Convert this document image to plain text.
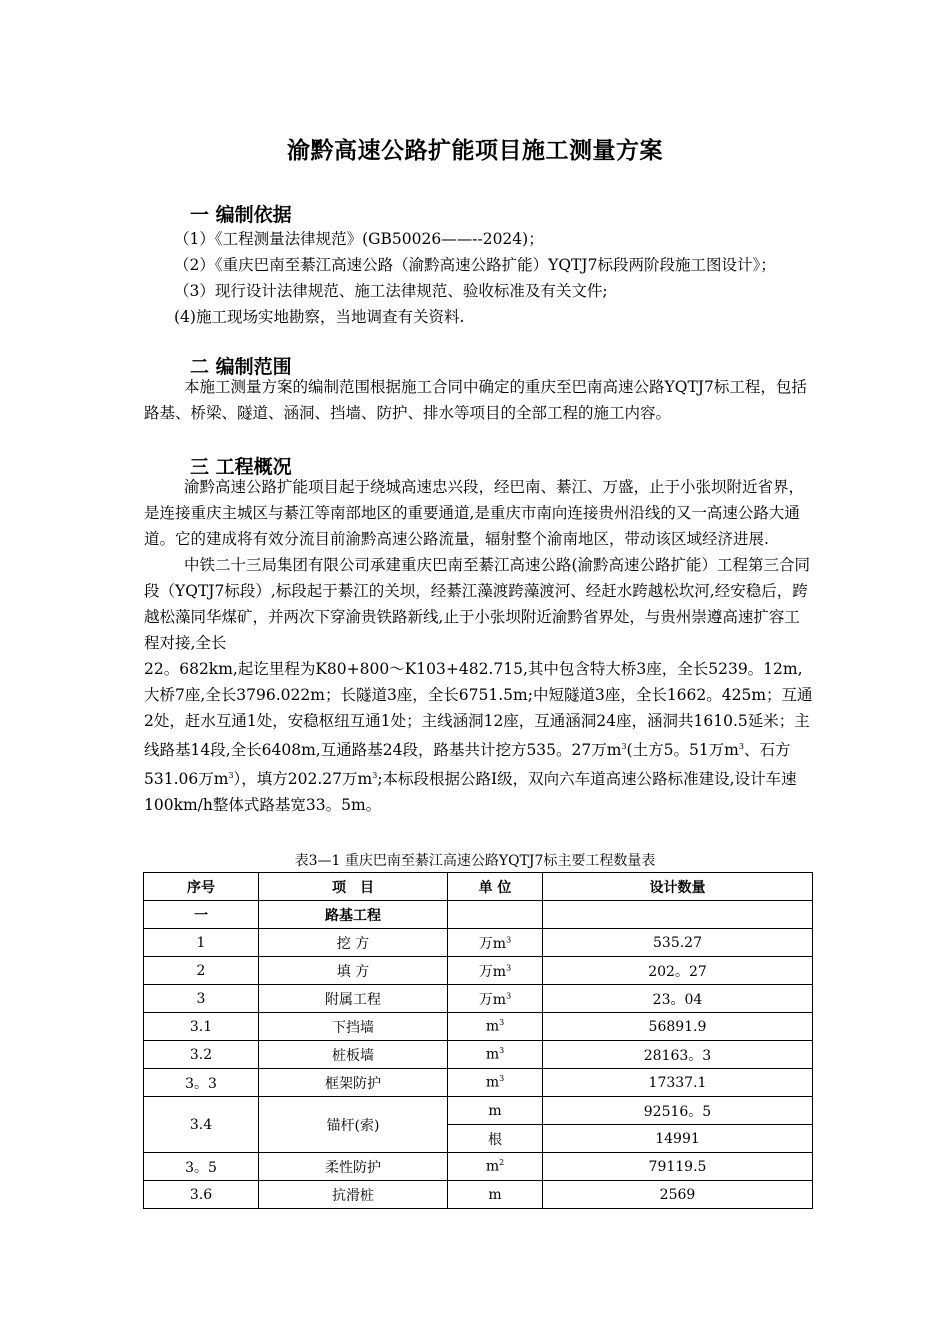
渝黔高速公路扩能项目施工测量方案
一 编制依据

（1）《工程测量法律规范》(GB50026——--2024)；

（2）《重庆巴南至綦江高速公路（渝黔高速公路扩能）YQTJ7标段两阶段施工图设计》；

（3）现行设计法律规范、施工法律规范、验收标准及有关文件;

(4)施工现场实地勘察，当地调查有关资料.

二 编制范围

本施工测量方案的编制范围根据施工合同中确定的重庆至巴南高速公路YQTJ7标工程，包括路基、桥梁、隧道、涵洞、挡墙、防护、排水等项目的全部工程的施工内容。

三 工程概况

渝黔高速公路扩能项目起于绕城高速忠兴段，经巴南、綦江、万盛，止于小张坝附近省界，是连接重庆主城区与綦江等南部地区的重要通道,是重庆市南向连接贵州沿线的又一高速公路大通道。它的建成将有效分流目前渝黔高速公路流量，辐射整个渝南地区，带动该区域经济进展.

中铁二十三局集团有限公司承建重庆巴南至綦江高速公路(渝黔高速公路扩能）工程第三合同段（YQTJ7标段）,标段起于綦江的关坝，经綦江藻渡跨藻渡河、经赶水跨越松坎河,经安稳后，跨越松藻同华煤矿，并两次下穿渝贵铁路新线,止于小张坝附近渝黔省界处，与贵州崇遵高速扩容工程对接,全长

22。682km,起讫里程为K80+800～K103+482.715,其中包含特大桥3座，全长5239。12m,大桥7座,全长3796.022m；长隧道3座，全长6751.5m;中短隧道3座，全长1662。425m；互通2处，赶水互通1处，安稳枢纽互通1处；主线涵洞12座，互通涵洞24座，涵洞共1610.5延米；主线路基14段,全长6408m,互通路基24段，路基共计挖方535。27万$m^3$(土方5。51万$m^3$、石方531.06万$m^3$），填方202.27万$m^3$;本标段根据公路Ⅰ级，双向六车道高速公路标准建设,设计车速100km/h整体式路基宽33。5m。

表3—1 重庆巴南至綦江高速公路YQTJ7标主要工程数量表
序号	项　目	单 位	设计数量
一	路基工程		
1	挖 方	万$m^3$	535.27
2	填 方	万$m^3$	202。27
3	附属工程	万$m^3$	23。04
3.1	下挡墙	$m^3$	56891.9
3.2	桩板墙	$m^3$	28163。3
3。3	框架防护	$m^3$	17337.1
3.4	锚杆(索)	m	92516。5
		根	14991
3。5	柔性防护	$m^2$	79119.5
3.6	抗滑桩	m	2569
